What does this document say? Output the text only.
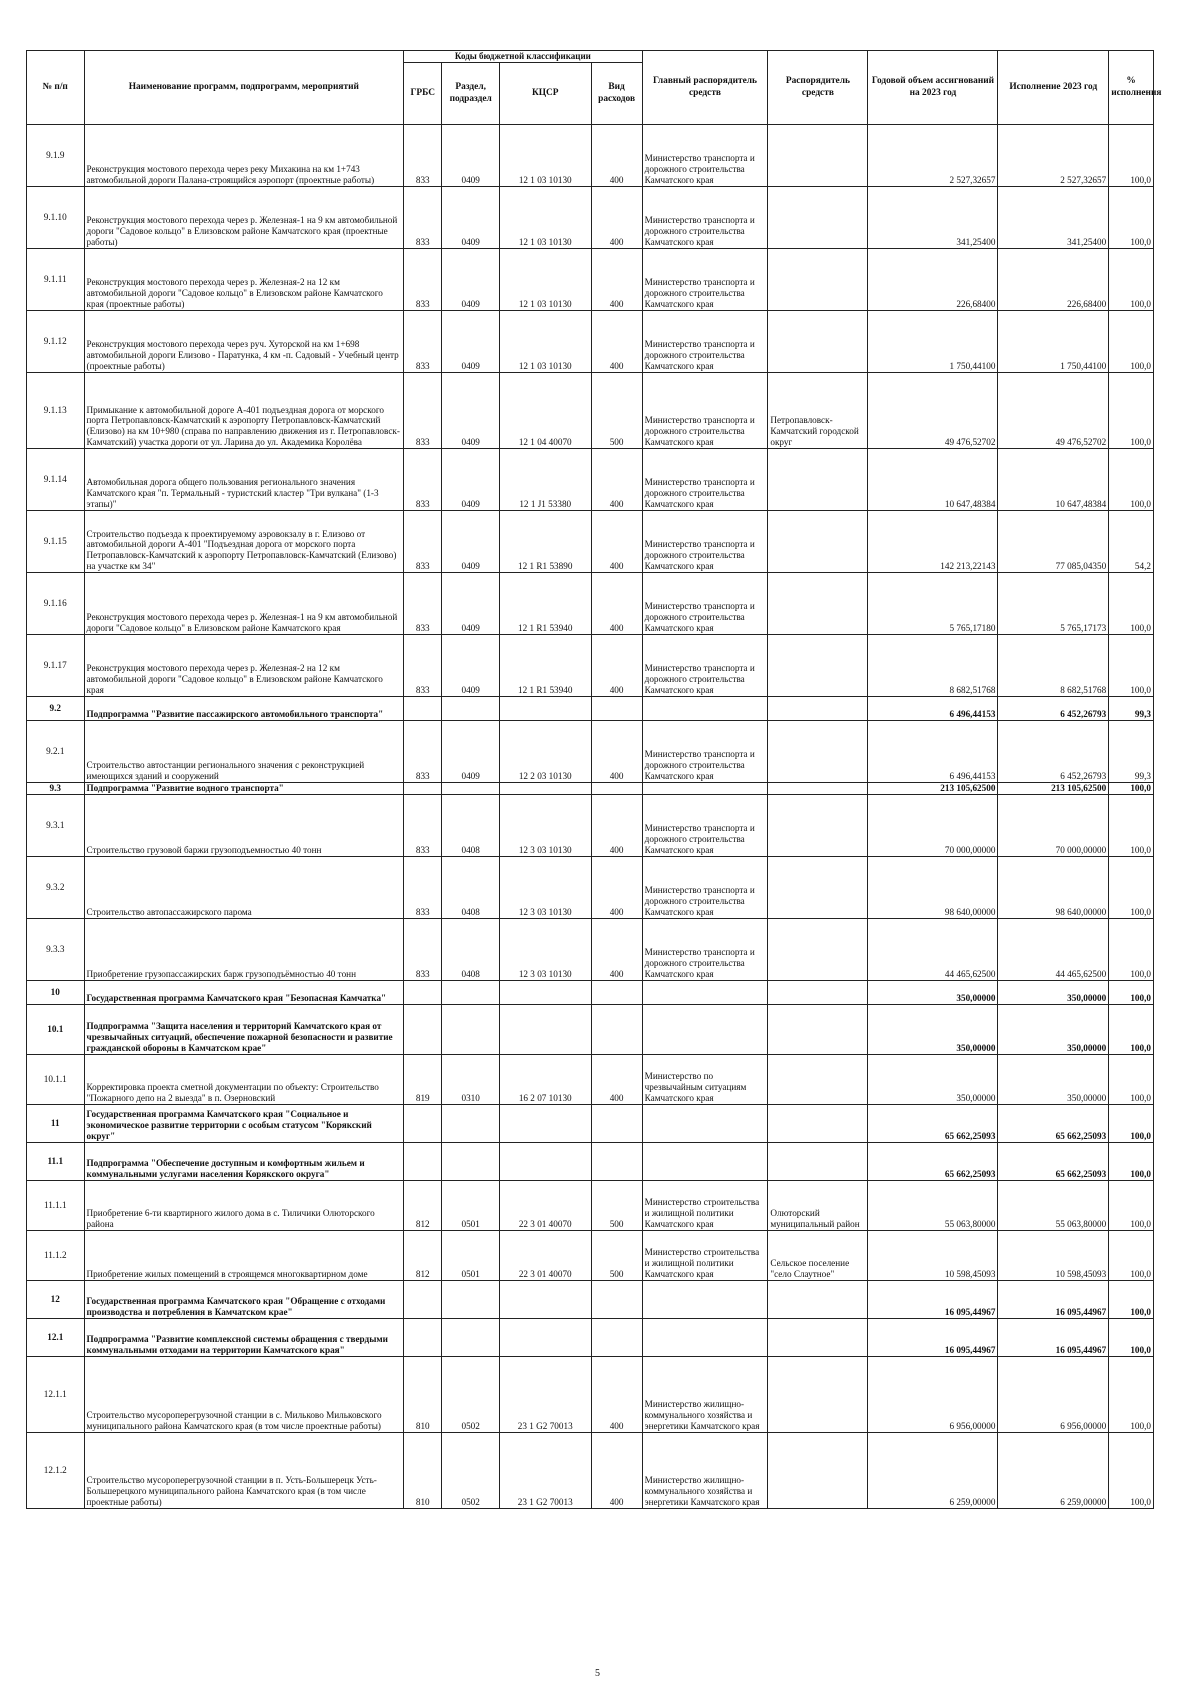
№ п/п	Наименование программ, подпрограмм, мероприятий	Коды бюджетной классификации				Главный распорядитель средств	Распорядитель средств	Годовой объем ассигнований на 2023 год	Исполнение 2023 год	% исполнения
		ГРБС	Раздел, подраздел	КЦСР	Вид расходов					
9.1.9	Реконструкция мостового перехода через реку Михакина на км 1+743 автомобильной дороги Палана-строящийся аэропорт (проектные работы)	833	0409	12 1 03 10130	400	Министерство транспорта и дорожного строительства Камчатского края		2 527,32657	2 527,32657	100,0
9.1.10	Реконструкция мостового перехода через р. Железная-1 на 9 км автомобильной дороги "Садовое кольцо" в Елизовском районе Камчатского края (проектные работы)	833	0409	12 1 03 10130	400	Министерство транспорта и дорожного строительства Камчатского края		341,25400	341,25400	100,0
9.1.11	Реконструкция мостового перехода через р. Железная-2 на 12 км автомобильной дороги "Садовое кольцо" в Елизовском районе Камчатского края (проектные работы)	833	0409	12 1 03 10130	400	Министерство транспорта и дорожного строительства Камчатского края		226,68400	226,68400	100,0
9.1.12	Реконструкция мостового перехода через руч. Хуторской на км 1+698 автомобильной дороги Елизово - Паратунка, 4 км -п. Садовый - Учебный центр (проектные работы)	833	0409	12 1 03 10130	400	Министерство транспорта и дорожного строительства Камчатского края		1 750,44100	1 750,44100	100,0
9.1.13	Примыкание к автомобильной дороге А-401 подъездная дорога от морского порта Петропавловск-Камчатский к аэропорту Петропавловск-Камчатский (Елизово) на км 10+980 (справа по направлению движения из г. Петропавловск-Камчатский) участка дороги от ул. Ларина до ул. Академика Королёва	833	0409	12 1 04 40070	500	Министерство транспорта и дорожного строительства Камчатского края	Петропавловск-Камчатский городской округ	49 476,52702	49 476,52702	100,0
9.1.14	Автомобильная дорога общего пользования регионального значения Камчатского края "п. Термальный - туристский кластер "Три вулкана" (1-3 этапы)"	833	0409	12 1 J1 53380	400	Министерство транспорта и дорожного строительства Камчатского края		10 647,48384	10 647,48384	100,0
9.1.15	Строительство подъезда к проектируемому аэровокзалу в г. Елизово от автомобильной дороги А-401 "Подъездная дорога от морского порта Петропавловск-Камчатский к аэропорту Петропавловск-Камчатский (Елизово) на участке км 34"	833	0409	12 1 R1 53890	400	Министерство транспорта и дорожного строительства Камчатского края		142 213,22143	77 085,04350	54,2
9.1.16	Реконструкция мостового перехода через р. Железная-1 на 9 км автомобильной дороги "Садовое кольцо" в Елизовском районе Камчатского края	833	0409	12 1 R1 53940	400	Министерство транспорта и дорожного строительства Камчатского края		5 765,17180	5 765,17173	100,0
9.1.17	Реконструкция мостового перехода через р. Железная-2 на 12 км автомобильной дороги "Садовое кольцо" в Елизовском районе Камчатского края	833	0409	12 1 R1 53940	400	Министерство транспорта и дорожного строительства Камчатского края		8 682,51768	8 682,51768	100,0
9.2	Подпрограмма "Развитие пассажирского автомобильного транспорта"							6 496,44153	6 452,26793	99,3
9.2.1	Строительство автостанции регионального значения с реконструкцией имеющихся зданий и сооружений	833	0409	12 2 03 10130	400	Министерство транспорта и дорожного строительства Камчатского края		6 496,44153	6 452,26793	99,3
9.3	Подпрограмма "Развитие водного транспорта"							213 105,62500	213 105,62500	100,0
9.3.1	Строительство грузовой баржи грузоподъемностью 40 тонн	833	0408	12 3 03 10130	400	Министерство транспорта и дорожного строительства Камчатского края		70 000,00000	70 000,00000	100,0
9.3.2	Строительство автопассажирского парома	833	0408	12 3 03 10130	400	Министерство транспорта и дорожного строительства Камчатского края		98 640,00000	98 640,00000	100,0
9.3.3	Приобретение грузопассажирских барж грузоподъёмностью 40 тонн	833	0408	12 3 03 10130	400	Министерство транспорта и дорожного строительства Камчатского края		44 465,62500	44 465,62500	100,0
10	Государственная программа Камчатского края "Безопасная Камчатка"							350,00000	350,00000	100,0
10.1	Подпрограмма "Защита населения и территорий Камчатского края от чрезвычайных ситуаций, обеспечение пожарной безопасности и развитие гражданской обороны в Камчатском крае"							350,00000	350,00000	100,0
10.1.1	Корректировка проекта сметной документации по объекту: Строительство "Пожарного депо на 2 выезда" в п. Озерновский	819	0310	16 2 07 10130	400	Министерство по чрезвычайным ситуациям Камчатского края		350,00000	350,00000	100,0
11	Государственная программа Камчатского края "Социальное и экономическое развитие территории с особым статусом "Корякский округ"							65 662,25093	65 662,25093	100,0
11.1	Подпрограмма "Обеспечение доступным и комфортным жильем и коммунальными услугами населения Корякского округа"							65 662,25093	65 662,25093	100,0
11.1.1	Приобретение 6-ти квартирного жилого дома в с. Тиличики Олюторского района	812	0501	22 3 01 40070	500	Министерство строительства и жилищной политики Камчатского края	Олюторский муниципальный район	55 063,80000	55 063,80000	100,0
11.1.2	Приобретение жилых помещений в строящемся многоквартирном доме	812	0501	22 3 01 40070	500	Министерство строительства и жилищной политики Камчатского края	Сельское поселение "село Слаутное"	10 598,45093	10 598,45093	100,0
12	Государственная программа Камчатского края "Обращение с отходами производства и потребления в Камчатском крае"							16 095,44967	16 095,44967	100,0
12.1	Подпрограмма "Развитие комплексной системы обращения с твердыми коммунальными отходами на территории Камчатского края"							16 095,44967	16 095,44967	100,0
12.1.1	Строительство мусороперегрузочной станции в с. Мильково Мильковского муниципального района Камчатского края (в том числе проектные работы)	810	0502	23 1 G2 70013	400	Министерство жилищно-коммунального хозяйства и энергетики Камчатского края		6 956,00000	6 956,00000	100,0
12.1.2	Строительство мусороперегрузочной станции в п. Усть-Большерецк Усть-Большерецкого муниципального района Камчатского края (в том числе проектные работы)	810	0502	23 1 G2 70013	400	Министерство жилищно-коммунального хозяйства и энергетики Камчатского края		6 259,00000	6 259,00000	100,0
5
